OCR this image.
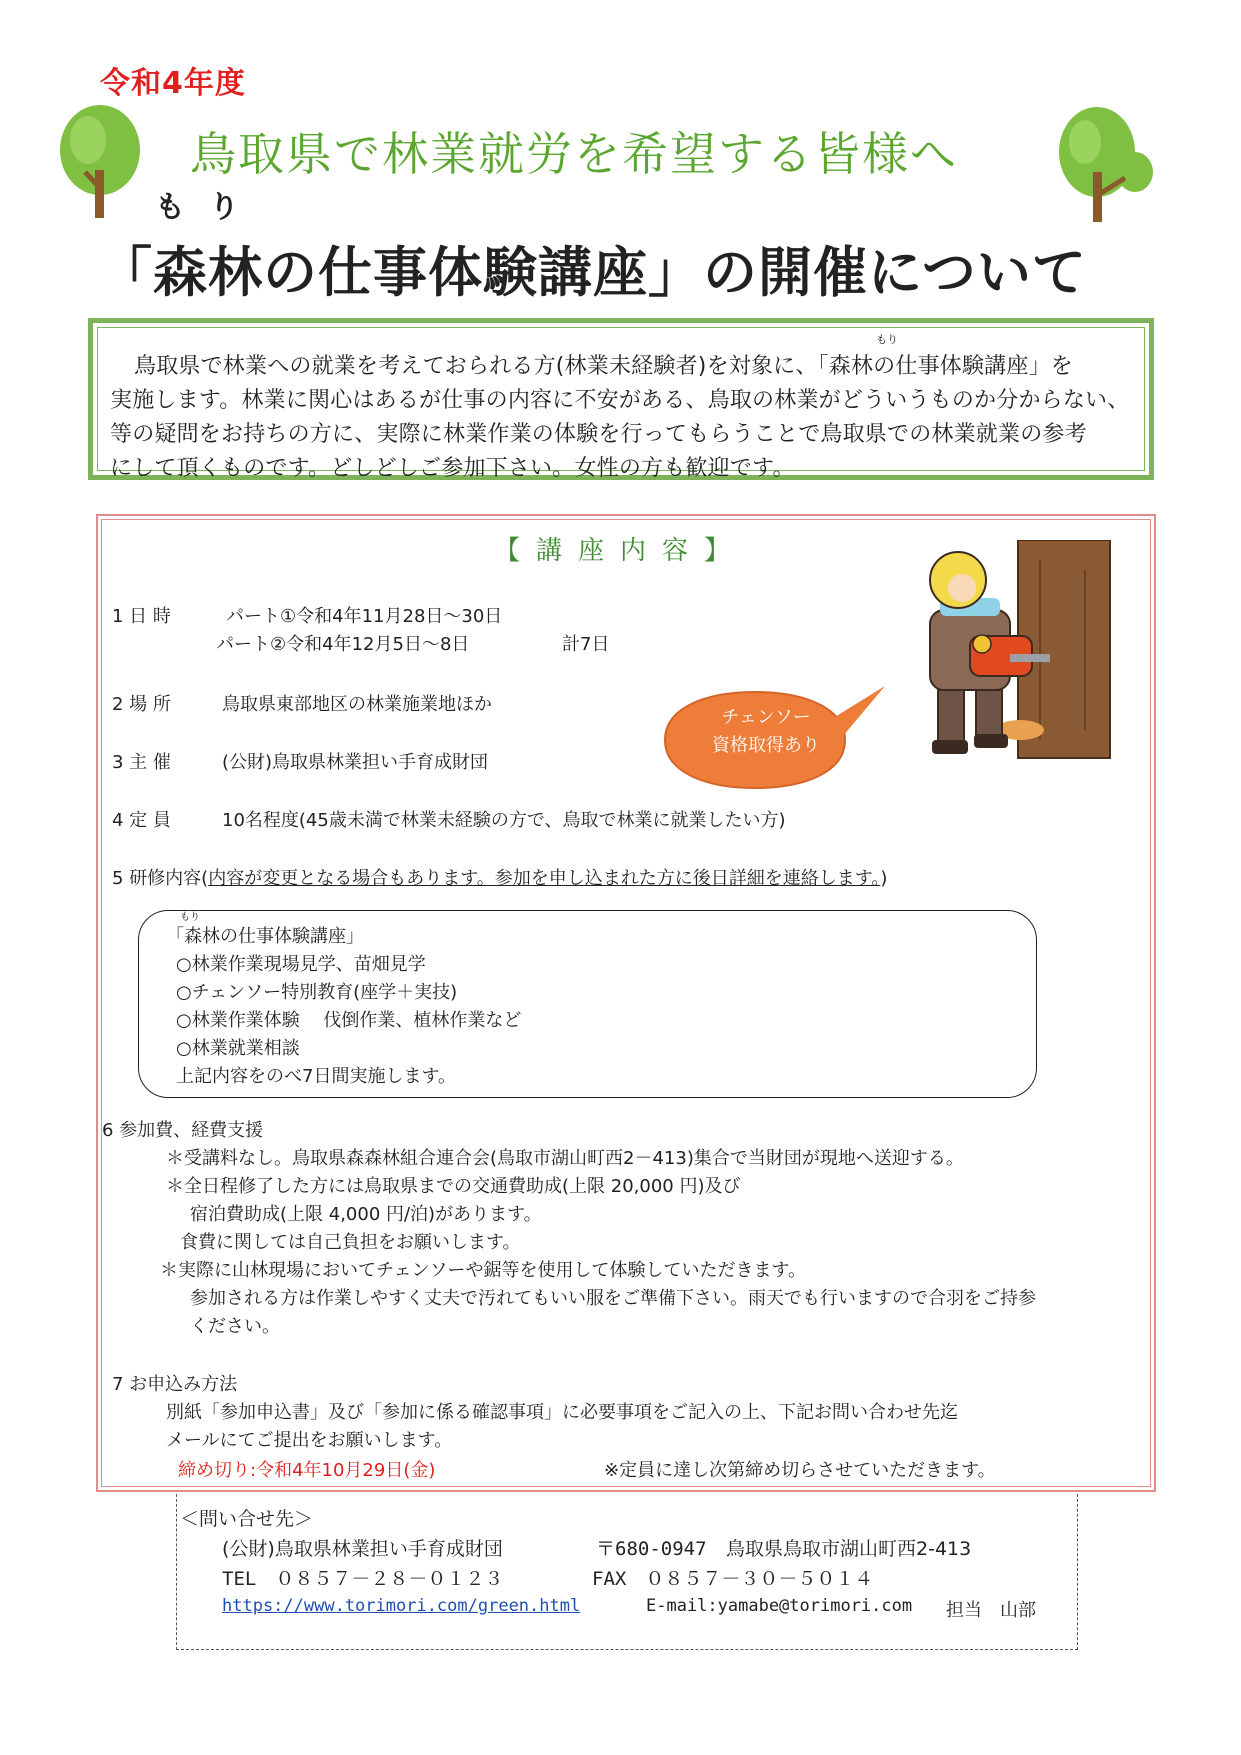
令和4年度
鳥取県で林業就労を希望する皆様へ
もり
「森林の仕事体験講座」の開催について
もり
鳥取県で林業への就業を考えておられる方(林業未経験者)を対象に、「森林の仕事体験講座」を
実施します。林業に関心はあるが仕事の内容に不安がある、鳥取の林業がどういうものか分からない、
等の疑問をお持ちの方に、実際に林業作業の体験を行ってもらうことで鳥取県での林業就業の参考
にして頂くものです。どしどしご参加下さい。女性の方も歓迎です。
【講座内容】
チェンソー
資格取得あり
1 日 時	パート①令和4年11月28日～30日
パート②令和4年12月5日～8日	計7日
2 場 所	鳥取県東部地区の林業施業地ほか
3 主 催	(公財)鳥取県林業担い手育成財団
4 定 員	10名程度(45歳未満で林業未経験の方で、鳥取で林業に就業したい方)
5 研修内容(内容が変更となる場合もあります。参加を申し込まれた方に後日詳細を連絡します。)
もり
「森林の仕事体験講座」
○林業作業現場見学、苗畑見学
○チェンソー特別教育(座学＋実技)
○林業作業体験　 伐倒作業、植林作業など
○林業就業相談
上記内容をのべ7日間実施します。
6 参加費、経費支援
＊受講料なし。鳥取県森森林組合連合会(鳥取市湖山町西2－413)集合で当財団が現地へ送迎する。
＊全日程修了した方には鳥取県までの交通費助成(上限 20,000 円)及び
宿泊費助成(上限 4,000 円/泊)があります。
食費に関しては自己負担をお願いします。
＊実際に山林現場においてチェンソーや鋸等を使用して体験していただきます。
参加される方は作業しやすく丈夫で汚れてもいい服をご準備下さい。雨天でも行いますので合羽をご持参
ください。
7 お申込み方法
別紙「参加申込書」及び「参加に係る確認事項」に必要事項をご記入の上、下記お問い合わせ先迄
メールにてご提出をお願いします。
締め切り:令和4年10月29日(金)	※定員に達し次第締め切らさせていただきます。
＜問い合せ先＞
(公財)鳥取県林業担い手育成財団	〒680-0947 鳥取県鳥取市湖山町西2-413
TEL　０８５７－２８－０１２３	FAX　０８５７－３０－５０１４
https://www.torimori.com/green.html	E-mail:yamabe@torimori.com 担当　山部
